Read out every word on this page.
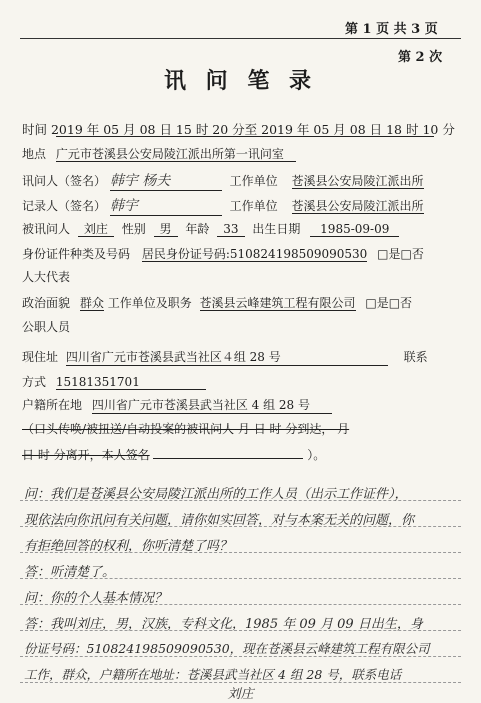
第 1 页 共 3 页
第 2 次
讯 问 笔 录
时间 2019 年 05 月 08 日 15 时 20 分至 2019 年 05 月 08 日 18 时 10 分
地点 广元市苍溪县公安局陵江派出所第一讯问室
讯问人（签名） 韩宇 杨夫	工作单位 苍溪县公安局陵江派出所
记录人（签名） 韩宇	工作单位 苍溪县公安局陵江派出所
被讯问人 刘庄 性别 男 年龄 33 出生日期 1985-09-09
身份证件种类及号码 居民身份证号码:510824198509090530 □是□否
人大代表
政治面貌 群众 工作单位及职务 苍溪县云峰建筑工程有限公司 □是□否
公职人员
现住址 四川省广元市苍溪县武当社区４组 28 号	联系
方式 15181351701
户籍所在地 四川省广元市苍溪县武当社区 4 组 28 号
（口头传唤/被扭送/自动投案的被讯问人 月 日 时 分到达， 月
日 时 分离开，本人签名	）。
问：我们是苍溪县公安局陵江派出所的工作人员（出示工作证件），
现依法向你讯问有关问题，请你如实回答，对与本案无关的问题，你
有拒绝回答的权利，你听清楚了吗？
答：听清楚了。
问：你的个人基本情况？
答：我叫刘庄，男，汉族，专科文化，1985 年 09 月 09 日出生，身
份证号码：510824198509090530，现在苍溪县云峰建筑工程有限公司
工作，群众，户籍所在地址：苍溪县武当社区 4 组 28 号，联系电话
刘庄
